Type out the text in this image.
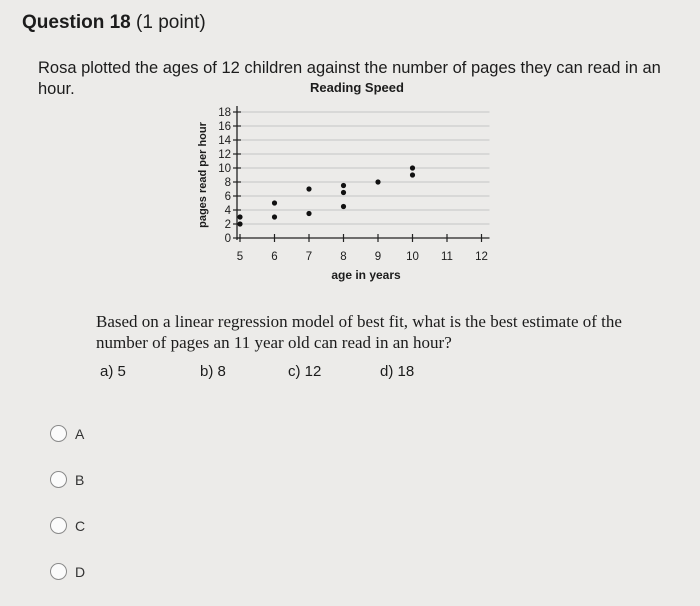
Question 18 (1 point)
Rosa plotted the ages of 12 children against the number of pages they can read in an hour.	Reading Speed
0
2
4
6
8
10
12
14
16
18
5 6 7 8 9 10 11 12
age in years
pages read per hour
Based on a linear regression model of best fit, what is the best estimate of the number of pages an 11 year old can read in an hour?
a) 5	b) 8	c) 12	d) 18
A
B
C
D
